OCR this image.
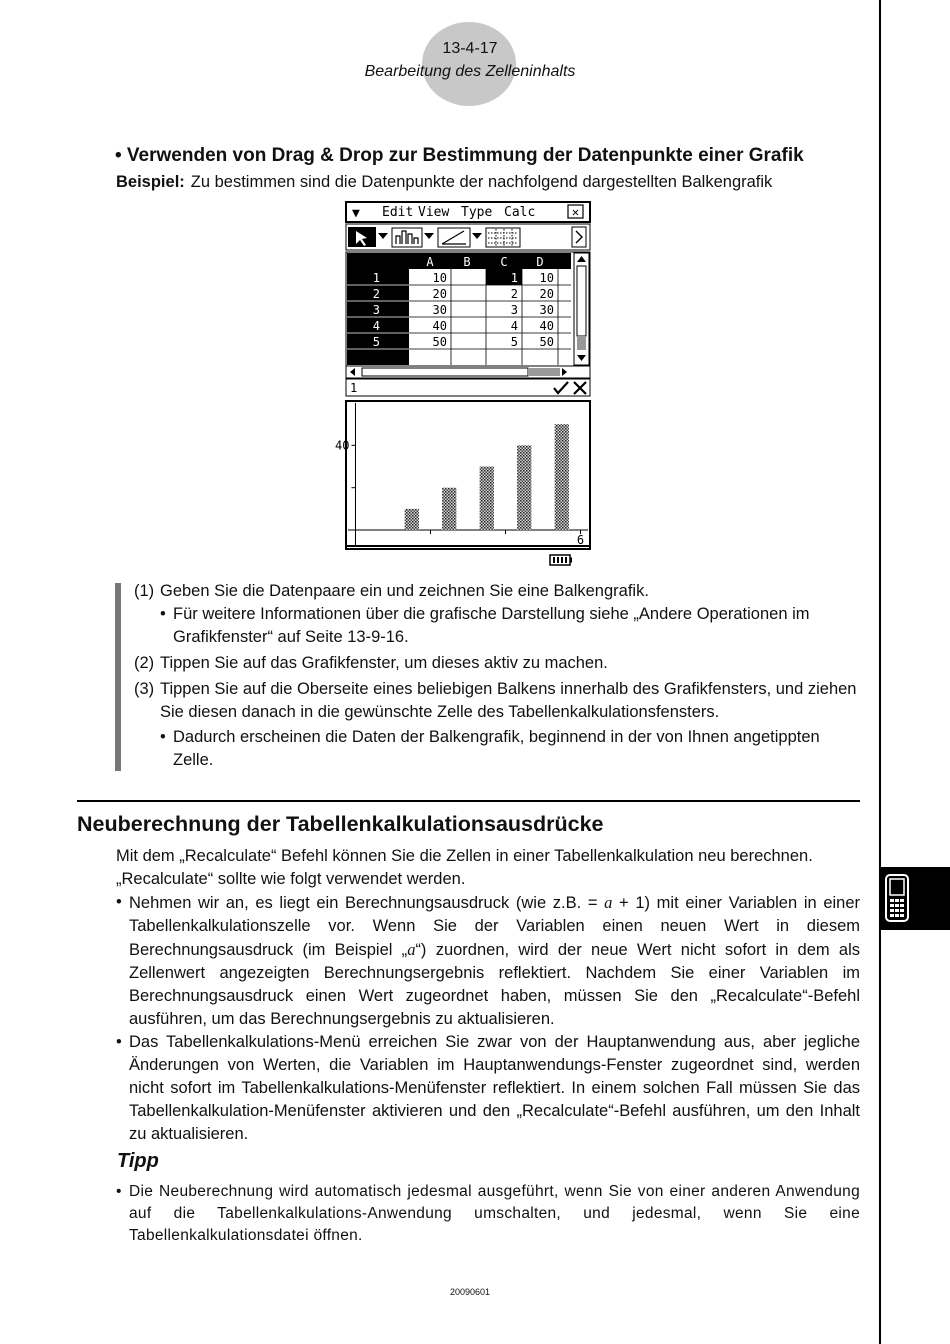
13-4-17
Bearbeitung des Zelleninhalts
• Verwenden von Drag & Drop zur Bestimmung der Datenpunkte einer Grafik
Beispiel: Zu bestimmen sind die Datenpunkte der nachfolgend dargestellten Balkengrafik
▼ Edit View Type Calc	✕
A B C D
1
2
3
4
5
10
20
30
40
50
1
2
3
4
5
10
20
30
40
50
1
40
6
(1) Geben Sie die Datenpaare ein und zeichnen Sie eine Balkengrafik.
• Für weitere Informationen über die grafische Darstellung siehe „Andere Operationen im Grafikfenster“ auf Seite 13-9-16.
(2) Tippen Sie auf das Grafikfenster, um dieses aktiv zu machen.
(3) Tippen Sie auf die Oberseite eines beliebigen Balkens innerhalb des Grafikfensters, und ziehen Sie diesen danach in die gewünschte Zelle des Tabellenkalkulationsfensters.
• Dadurch erscheinen die Daten der Balkengrafik, beginnend in der von Ihnen angetippten Zelle.
Neuberechnung der Tabellenkalkulationsausdrücke
Mit dem „Recalculate“ Befehl können Sie die Zellen in einer Tabellenkalkulation neu berechnen. „Recalculate“ sollte wie folgt verwendet werden.
• Nehmen wir an, es liegt ein Berechnungsausdruck (wie z.B. = a + 1) mit einer Variablen in einer Tabellenkalkulationszelle vor. Wenn Sie der Variablen einen neuen Wert in diesem Berechnungsausdruck (im Beispiel „a“) zuordnen, wird der neue Wert nicht sofort in dem als Zellenwert angezeigten Berechnungsergebnis reflektiert. Nachdem Sie einer Variablen im Berechnungsausdruck einen Wert zugeordnet haben, müssen Sie den „Recalculate“-Befehl ausführen, um das Berechnungsergebnis zu aktualisieren.
• Das Tabellenkalkulations-Menü erreichen Sie zwar von der Hauptanwendung aus, aber jegliche Änderungen von Werten, die Variablen im Hauptanwendungs-Fenster zugeordnet sind, werden nicht sofort im Tabellenkalkulations-Menüfenster reflektiert. In einem solchen Fall müssen Sie das Tabellenkalkulation-Menüfenster aktivieren und den „Recalculate“-Befehl ausführen, um den Inhalt zu aktualisieren.
Tipp
• Die Neuberechnung wird automatisch jedesmal ausgeführt, wenn Sie von einer anderen Anwendung auf die Tabellenkalkulations-Anwendung umschalten, und jedesmal, wenn Sie eine Tabellenkalkulationsdatei öffnen.
20090601
